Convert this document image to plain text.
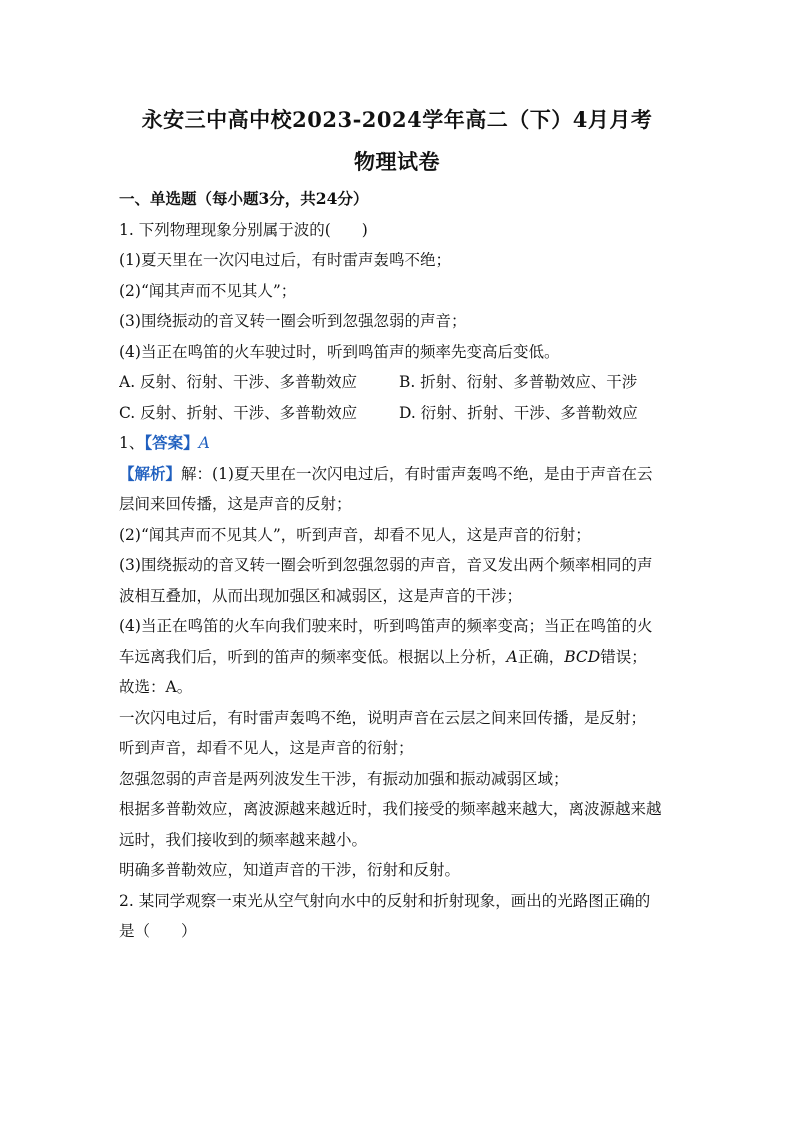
永安三中高中校2023-2024学年高二（下）4月月考
物理试卷
一、单选题（每小题3分，共24分）
1. 下列物理现象分别属于波的(　　)
(1)夏天里在一次闪电过后，有时雷声轰鸣不绝；
(2)“闻其声而不见其人”；
(3)围绕振动的音叉转一圈会听到忽强忽弱的声音；
(4)当正在鸣笛的火车驶过时，听到鸣笛声的频率先变高后变低。
A. 反射、衍射、干涉、多普勒效应	B. 折射、衍射、多普勒效应、干涉
C. 反射、折射、干涉、多普勒效应	D. 衍射、折射、干涉、多普勒效应
1、【答案】A
【解析】解：(1)夏天里在一次闪电过后，有时雷声轰鸣不绝，是由于声音在云
层间来回传播，这是声音的反射；
(2)“闻其声而不见其人”，听到声音，却看不见人，这是声音的衍射；
(3)围绕振动的音叉转一圈会听到忽强忽弱的声音，音叉发出两个频率相同的声
波相互叠加，从而出现加强区和减弱区，这是声音的干涉；
(4)当正在鸣笛的火车向我们驶来时，听到鸣笛声的频率变高；当正在鸣笛的火
车远离我们后，听到的笛声的频率变低。根据以上分析，A正确，BCD错误；
故选：A。
一次闪电过后，有时雷声轰鸣不绝，说明声音在云层之间来回传播，是反射；
听到声音，却看不见人，这是声音的衍射；
忽强忽弱的声音是两列波发生干涉，有振动加强和振动减弱区域；
根据多普勒效应，离波源越来越近时，我们接受的频率越来越大，离波源越来越
远时，我们接收到的频率越来越小。
明确多普勒效应，知道声音的干涉，衍射和反射。
2. 某同学观察一束光从空气射向水中的反射和折射现象，画出的光路图正确的
是（　　）
